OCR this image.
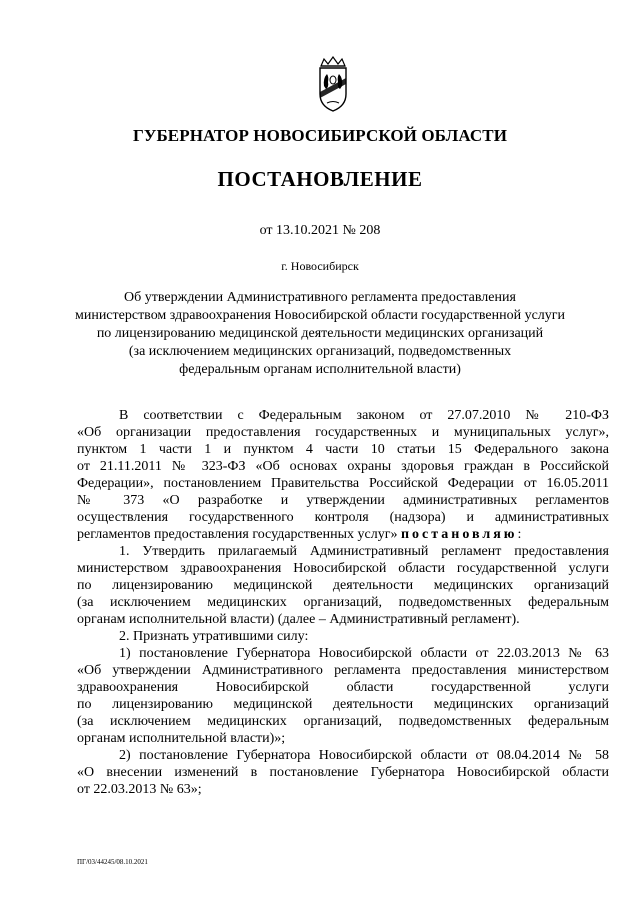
ГУБЕРНАТОР НОВОСИБИРСКОЙ ОБЛАСТИ
ПОСТАНОВЛЕНИЕ
от 13.10.2021 № 208
г. Новосибирск
Об утверждении Административного регламента предоставления
министерством здравоохранения Новосибирской области государственной услуги
по лицензированию медицинской деятельности медицинских организаций
(за исключением медицинских организаций, подведомственных
федеральным органам исполнительной власти)

В соответствии с Федеральным законом от 27.07.2010 № 210-ФЗ
«Об организации предоставления государственных и муниципальных услуг»,
пунктом 1 части 1 и пунктом 4 части 10 статьи 15 Федерального закона
от 21.11.2011 № 323-ФЗ «Об основах охраны здоровья граждан в Российской
Федерации», постановлением Правительства Российской Федерации от 16.05.2011
№ 373 «О разработке и утверждении административных регламентов
осуществления государственного контроля (надзора) и административных
регламентов предоставления государственных услуг» постановляю:

1. Утвердить прилагаемый Административный регламент предоставления
министерством здравоохранения Новосибирской области государственной услуги
по лицензированию медицинской деятельности медицинских организаций
(за исключением медицинских организаций, подведомственных федеральным
органам исполнительной власти) (далее – Административный регламент).

2. Признать утратившими силу:

1) постановление Губернатора Новосибирской области от 22.03.2013 № 63
«Об утверждении Административного регламента предоставления министерством
здравоохранения Новосибирской области государственной услуги
по лицензированию медицинской деятельности медицинских организаций
(за исключением медицинских организаций, подведомственных федеральным
органам исполнительной власти)»;

2) постановление Губернатора Новосибирской области от 08.04.2014 № 58
«О внесении изменений в постановление Губернатора Новосибирской области
от 22.03.2013 № 63»;

ПГ/03/44245/08.10.2021
